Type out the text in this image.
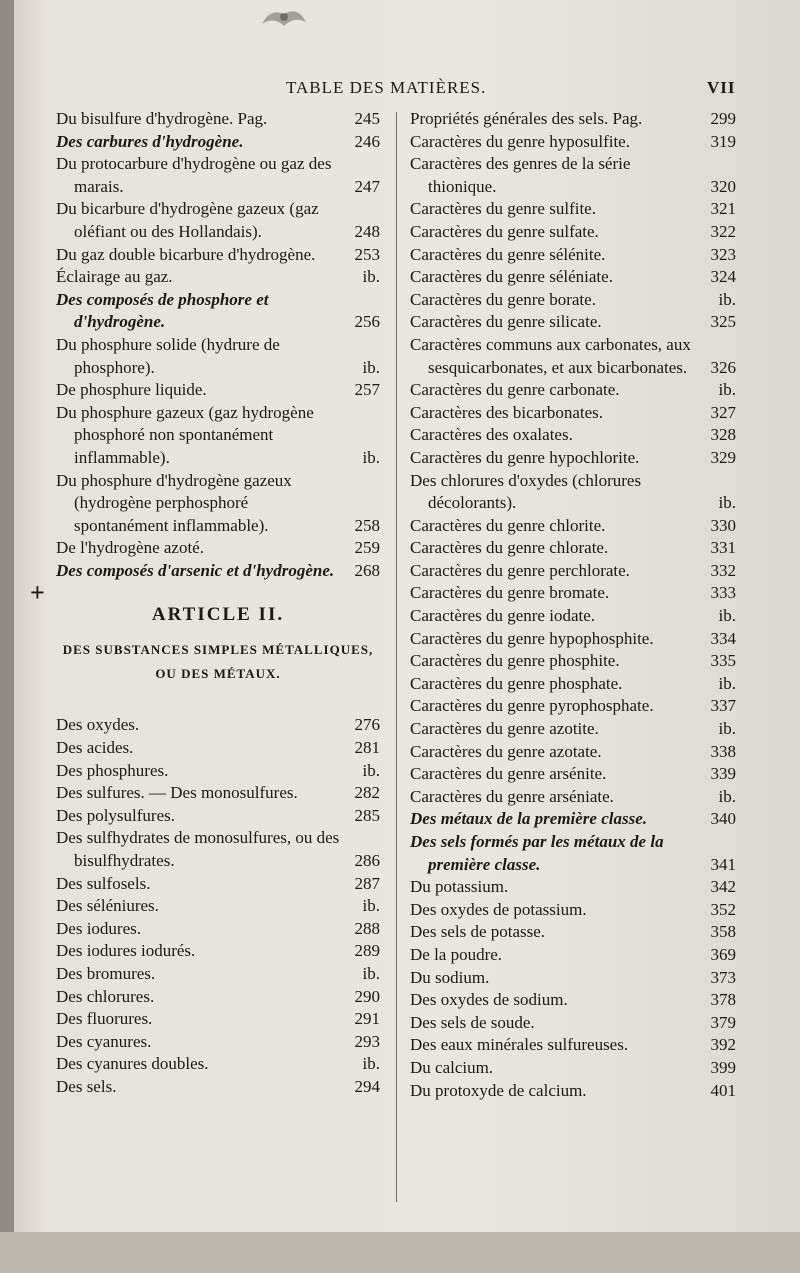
TABLE DES MATIÈRES.	VII
+
Du bisulfure d'hydrogène. Pag.	245
Des carbures d'hydrogène.	246
Du protocarbure d'hydrogène ou gaz des marais.	247
Du bicarbure d'hydrogène gazeux (gaz oléfiant ou des Hollandais).	248
Du gaz double bicarbure d'hydrogène.	253
Éclairage au gaz.	ib.
Des composés de phosphore et d'hydrogène.	256
Du phosphure solide (hydrure de phosphore).	ib.
De phosphure liquide.	257
Du phosphure gazeux (gaz hydrogène phosphoré non spontanément inflammable).	ib.
Du phosphure d'hydrogène gazeux (hydrogène perphosphoré spontanément inflammable).	258
De l'hydrogène azoté.	259
Des composés d'arsenic et d'hydrogène.	268
ARTICLE II.
DES SUBSTANCES SIMPLES MÉTALLIQUES,
OU DES MÉTAUX.
Des oxydes.	276
Des acides.	281
Des phosphures.	ib.
Des sulfures. — Des monosulfures.	282
Des polysulfures.	285
Des sulfhydrates de monosulfures, ou des bisulfhydrates.	286
Des sulfosels.	287
Des séléniures.	ib.
Des iodures.	288
Des iodures iodurés.	289
Des bromures.	ib.
Des chlorures.	290
Des fluorures.	291
Des cyanures.	293
Des cyanures doubles.	ib.
Des sels.	294
Propriétés générales des sels. Pag.	299
Caractères du genre hyposulfite.	319
Caractères des genres de la série thionique.	320
Caractères du genre sulfite.	321
Caractères du genre sulfate.	322
Caractères du genre sélénite.	323
Caractères du genre séléniate.	324
Caractères du genre borate.	ib.
Caractères du genre silicate.	325
Caractères communs aux carbonates, aux sesquicarbonates, et aux bicarbonates.	326
Caractères du genre carbonate.	ib.
Caractères des bicarbonates.	327
Caractères des oxalates.	328
Caractères du genre hypochlorite.	329
Des chlorures d'oxydes (chlorures décolorants).	ib.
Caractères du genre chlorite.	330
Caractères du genre chlorate.	331
Caractères du genre perchlorate.	332
Caractères du genre bromate.	333
Caractères du genre iodate.	ib.
Caractères du genre hypophosphite.	334
Caractères du genre phosphite.	335
Caractères du genre phosphate.	ib.
Caractères du genre pyrophosphate.	337
Caractères du genre azotite.	ib.
Caractères du genre azotate.	338
Caractères du genre arsénite.	339
Caractères du genre arséniate.	ib.
Des métaux de la première classe.	340
Des sels formés par les métaux de la première classe.	341
Du potassium.	342
Des oxydes de potassium.	352
Des sels de potasse.	358
De la poudre.	369
Du sodium.	373
Des oxydes de sodium.	378
Des sels de soude.	379
Des eaux minérales sulfureuses.	392
Du calcium.	399
Du protoxyde de calcium.	401
